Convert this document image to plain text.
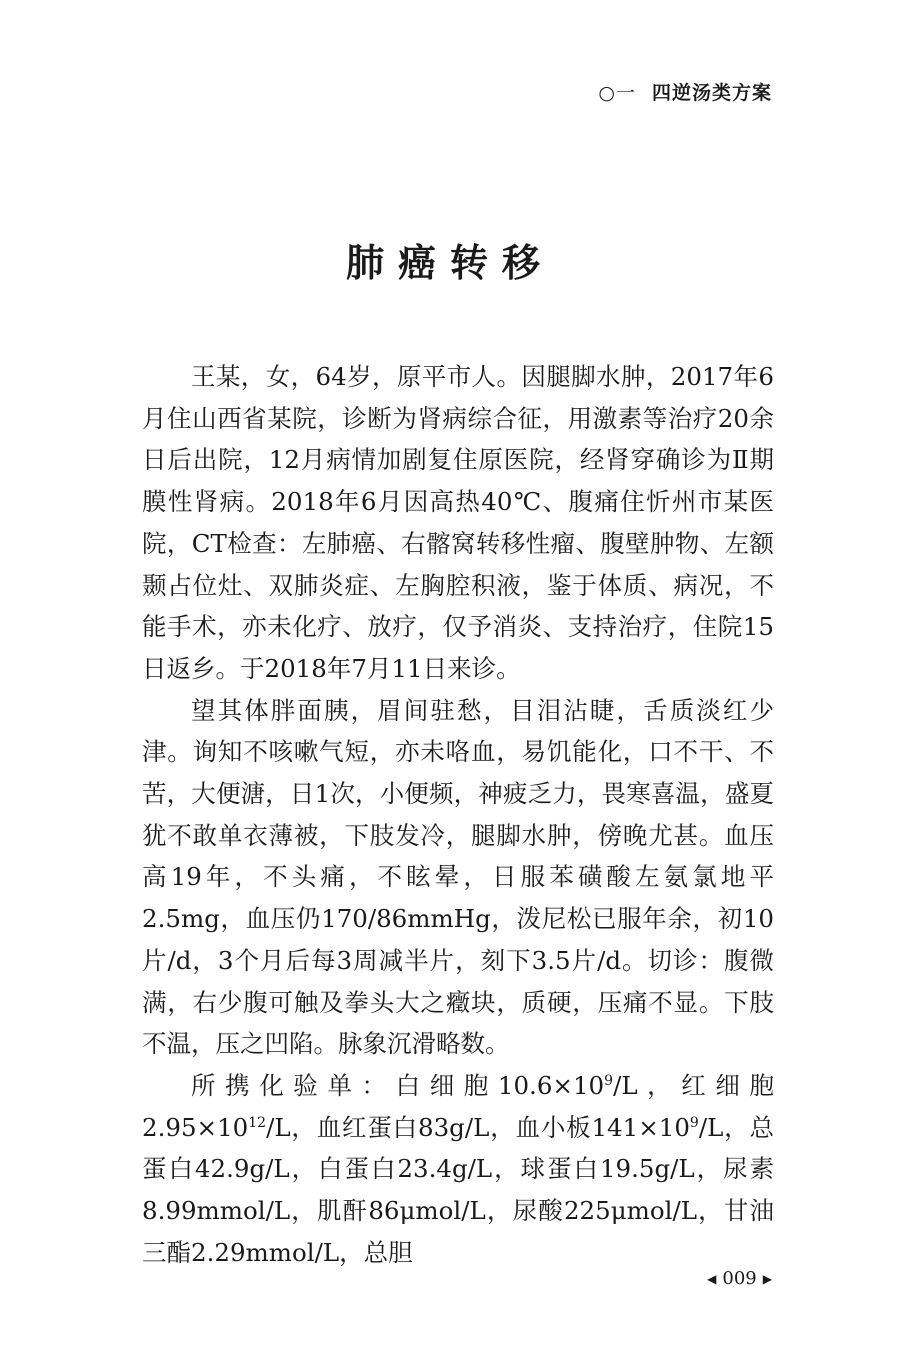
○一 四逆汤类方案
肺癌转移

王某，女，64岁，原平市人。因腿脚水肿，2017年6月住山西省某院，诊断为肾病综合征，用激素等治疗20余日后出院，12月病情加剧复住原医院，经肾穿确诊为Ⅱ期膜性肾病。2018年6月因高热40℃、腹痛住忻州市某医院，CT检查：左肺癌、右髂窝转移性瘤、腹壁肿物、左额颞占位灶、双肺炎症、左胸腔积液，鉴于体质、病况，不能手术，亦未化疗、放疗，仅予消炎、支持治疗，住院15日返乡。于2018年7月11日来诊。

望其体胖面胰，眉间驻愁，目泪沾睫，舌质淡红少津。询知不咳嗽气短，亦未咯血，易饥能化，口不干、不苦，大便溏，日1次，小便频，神疲乏力，畏寒喜温，盛夏犹不敢单衣薄被，下肢发冷，腿脚水肿，傍晚尤甚。血压高19年，不头痛，不眩晕，日服苯磺酸左氨氯地平2.5mg，血压仍170/86mmHg，泼尼松已服年余，初10片/d，3个月后每3周减半片，刻下3.5片/d。切诊：腹微满，右少腹可触及拳头大之癥块，质硬，压痛不显。下肢不温，压之凹陷。脉象沉滑略数。

所携化验单：白细胞$10.6\times 10^9/L$，红细胞$2.95\times 10^{12}/L$，血红蛋白83g/L，血小板$141\times 10^9/L$，总蛋白42.9g/L，白蛋白23.4g/L，球蛋白19.5g/L，尿素8.99mmol/L，肌酐86μmol/L，尿酸225μmol/L，甘油三酯2.29mmol/L，总胆

◀ 009 ▶
